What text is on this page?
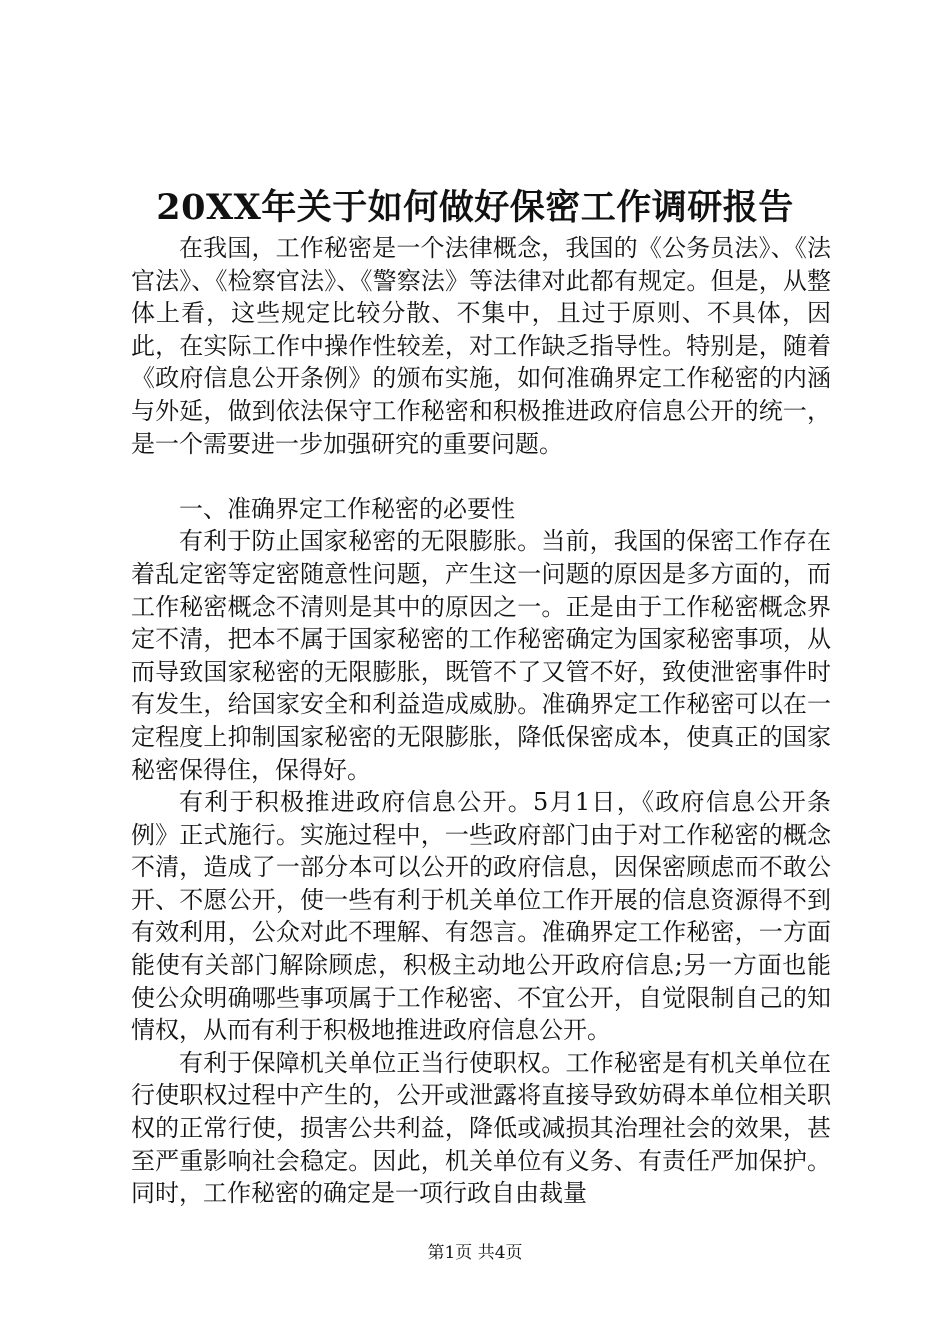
20XX年关于如何做好保密工作调研报告

在我国，工作秘密是一个法律概念，我国的《公务员法》、《法官法》、《检察官法》、《警察法》等法律对此都有规定。但是，从整体上看，这些规定比较分散、不集中，且过于原则、不具体，因此，在实际工作中操作性较差，对工作缺乏指导性。特别是，随着《政府信息公开条例》的颁布实施，如何准确界定工作秘密的内涵与外延，做到依法保守工作秘密和积极推进政府信息公开的统一，是一个需要进一步加强研究的重要问题。

一、准确界定工作秘密的必要性

有利于防止国家秘密的无限膨胀。当前，我国的保密工作存在着乱定密等定密随意性问题，产生这一问题的原因是多方面的，而工作秘密概念不清则是其中的原因之一。正是由于工作秘密概念界定不清，把本不属于国家秘密的工作秘密确定为国家秘密事项，从而导致国家秘密的无限膨胀，既管不了又管不好，致使泄密事件时有发生，给国家安全和利益造成威胁。准确界定工作秘密可以在一定程度上抑制国家秘密的无限膨胀，降低保密成本，使真正的国家秘密保得住，保得好。

有利于积极推进政府信息公开。5月1日，《政府信息公开条例》正式施行。实施过程中，一些政府部门由于对工作秘密的概念不清，造成了一部分本可以公开的政府信息，因保密顾虑而不敢公开、不愿公开，使一些有利于机关单位工作开展的信息资源得不到有效利用，公众对此不理解、有怨言。准确界定工作秘密，一方面能使有关部门解除顾虑，积极主动地公开政府信息;另一方面也能使公众明确哪些事项属于工作秘密、不宜公开，自觉限制自己的知情权，从而有利于积极地推进政府信息公开。

有利于保障机关单位正当行使职权。工作秘密是有机关单位在行使职权过程中产生的，公开或泄露将直接导致妨碍本单位相关职权的正常行使，损害公共利益，降低或减损其治理社会的效果，甚至严重影响社会稳定。因此，机关单位有义务、有责任严加保护。同时，工作秘密的确定是一项行政自由裁量

第1页 共4页
